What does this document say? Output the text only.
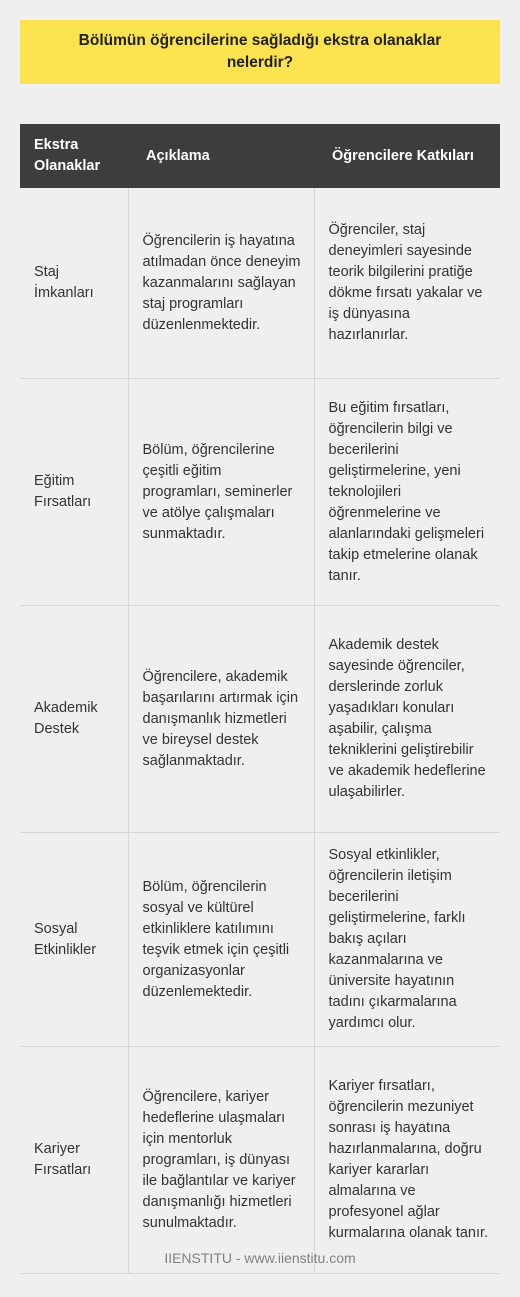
Bölümün öğrencilerine sağladığı ekstra olanaklar nelerdir?
Ekstra Olanaklar	Açıklama	Öğrencilere Katkıları
Staj İmkanları	Öğrencilerin iş hayatına atılmadan önce deneyim kazanmalarını sağlayan staj programları düzenlenmektedir.	Öğrenciler, staj deneyimleri sayesinde teorik bilgilerini pratiğe dökme fırsatı yakalar ve iş dünyasına hazırlanırlar.
Eğitim Fırsatları	Bölüm, öğrencilerine çeşitli eğitim programları, seminerler ve atölye çalışmaları sunmaktadır.	Bu eğitim fırsatları, öğrencilerin bilgi ve becerilerini geliştirmelerine, yeni teknolojileri öğrenmelerine ve alanlarındaki gelişmeleri takip etmelerine olanak tanır.
Akademik Destek	Öğrencilere, akademik başarılarını artırmak için danışmanlık hizmetleri ve bireysel destek sağlanmaktadır.	Akademik destek sayesinde öğrenciler, derslerinde zorluk yaşadıkları konuları aşabilir, çalışma tekniklerini geliştirebilir ve akademik hedeflerine ulaşabilirler.
Sosyal Etkinlikler	Bölüm, öğrencilerin sosyal ve kültürel etkinliklere katılımını teşvik etmek için çeşitli organizasyonlar düzenlemektedir.	Sosyal etkinlikler, öğrencilerin iletişim becerilerini geliştirmelerine, farklı bakış açıları kazanmalarına ve üniversite hayatının tadını çıkarmalarına yardımcı olur.
Kariyer Fırsatları	Öğrencilere, kariyer hedeflerine ulaşmaları için mentorluk programları, iş dünyası ile bağlantılar ve kariyer danışmanlığı hizmetleri sunulmaktadır.	Kariyer fırsatları, öğrencilerin mezuniyet sonrası iş hayatına hazırlanmalarına, doğru kariyer kararları almalarına ve profesyonel ağlar kurmalarına olanak tanır.
IIENSTITU - www.iienstitu.com
